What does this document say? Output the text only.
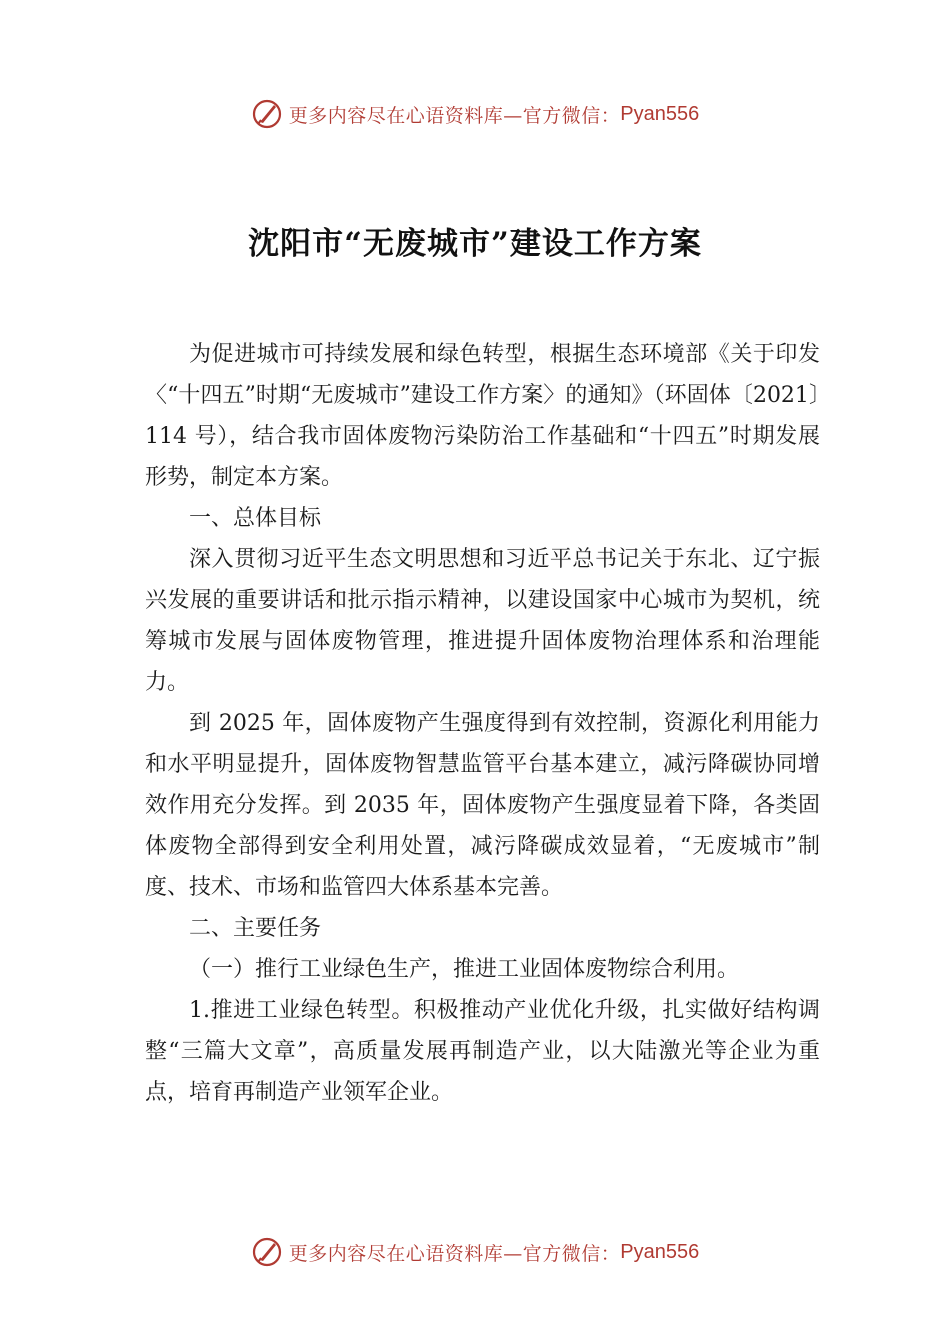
更多内容尽在心语资料库—官方微信： Pyan556
沈阳市“无废城市”建设工作方案

为促进城市可持续发展和绿色转型，根据生态环境部《关于印发〈“十四五”时期“无废城市”建设工作方案〉的通知》（环固体〔2021〕114 号），结合我市固体废物污染防治工作基础和“十四五”时期发展形势，制定本方案。

一、总体目标

深入贯彻习近平生态文明思想和习近平总书记关于东北、辽宁振兴发展的重要讲话和批示指示精神，以建设国家中心城市为契机，统筹城市发展与固体废物管理，推进提升固体废物治理体系和治理能力。

到 2025 年，固体废物产生强度得到有效控制，资源化利用能力和水平明显提升，固体废物智慧监管平台基本建立，减污降碳协同增效作用充分发挥。到 2035 年，固体废物产生强度显着下降，各类固体废物全部得到安全利用处置，减污降碳成效显着，“无废城市”制度、技术、市场和监管四大体系基本完善。

二、主要任务

（一）推行工业绿色生产，推进工业固体废物综合利用。

1.推进工业绿色转型。积极推动产业优化升级，扎实做好结构调整“三篇大文章”，高质量发展再制造产业，以大陆激光等企业为重点，培育再制造产业领军企业。

更多内容尽在心语资料库—官方微信： Pyan556
